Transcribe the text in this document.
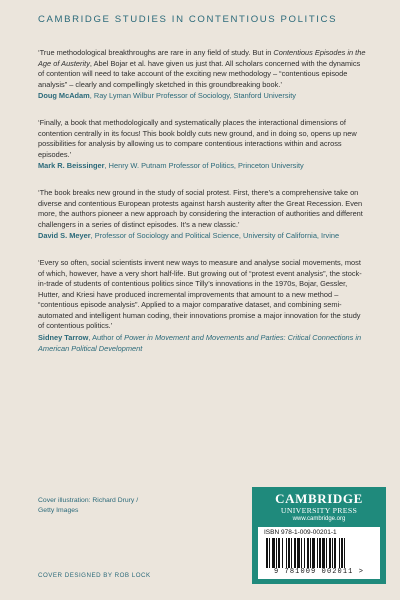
CAMBRIDGE STUDIES IN CONTENTIOUS POLITICS

‘True methodological breakthroughs are rare in any field of study. But in Contentious Episodes in the Age of Austerity, Abel Bojar et al. have given us just that. All scholars concerned with the dynamics of contention will need to take account of the exciting new methodology – “contentious episode analysis” – clearly and compellingly sketched in this groundbreaking book.’

Doug McAdam, Ray Lyman Wilbur Professor of Sociology, Stanford University

‘Finally, a book that methodologically and systematically places the interactional dimensions of contention centrally in its focus! This book boldly cuts new ground, and in doing so, opens up new possibilities for analysis by allowing us to compare contentious interactions within and across episodes.’

Mark R. Beissinger, Henry W. Putnam Professor of Politics, Princeton University

‘The book breaks new ground in the study of social protest. First, there’s a comprehensive take on diverse and contentious European protests against harsh austerity after the Great Recession. Even more, the authors pioneer a new approach by considering the interaction of authorities and different challengers in a series of distinct episodes. It’s a new classic.’

David S. Meyer, Professor of Sociology and Political Science, University of California, Irvine

‘Every so often, social scientists invent new ways to measure and analyse social movements, most of which, however, have a very short half-life. But growing out of “protest event analysis”, the stock-in-trade of students of contentious politics since Tilly’s innovations in the 1970s, Bojar, Gessler, Hutter, and Kriesi have produced incremental improvements that amount to a new method – “contentious episode analysis”. Applied to a major comparative dataset, and combining semi-automated and intelligent human coding, their innovations promise a major innovation for the study of contentious politics.’

Sidney Tarrow, Author of Power in Movement and Movements and Parties: Critical Connections in American Political Development

Cover illustration: Richard Drury / Getty Images
COVER DESIGNED BY ROB LOCK
CAMBRIDGE
UNIVERSITY PRESS
www.cambridge.org
ISBN 978-1-009-00201-1
9 781009 002011 >
